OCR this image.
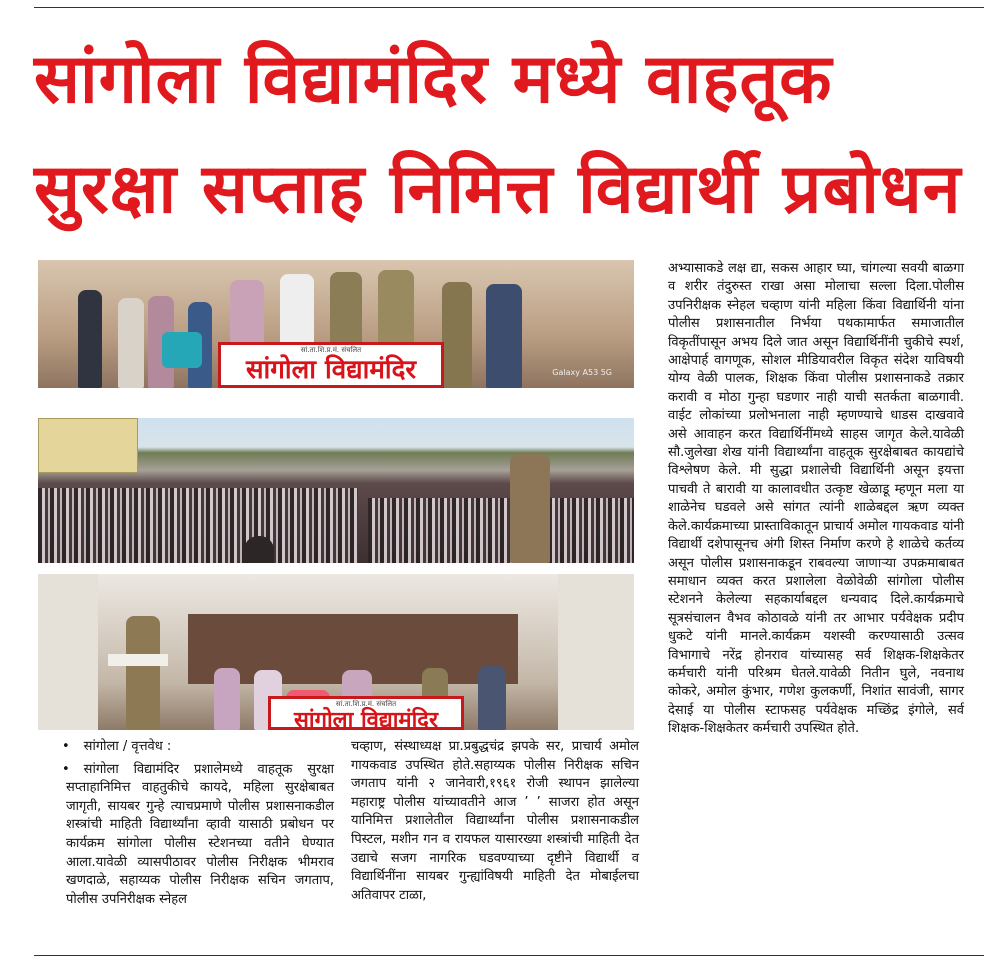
सांगोला विद्यामंदिर मध्ये वाहतूक
सुरक्षा सप्ताह निमित्त विद्यार्थी प्रबोधन
सां.ता.शि.प्र.मं. संचलित
सांगोला विद्यामंदिर	Galaxy A53 5G
सां.ता.शि.प्र.मं. संचलित
सांगोला विद्यामंदिर
• सांगोला / वृत्तवेध :
• सांगोला विद्यामंदिर प्रशालेमध्ये वाहतूक सुरक्षा सप्ताहानिमित्त वाहतुकीचे कायदे, महिला सुरक्षेबाबत जागृती, सायबर गुन्हे त्याचप्रमाणे पोलीस प्रशासनाकडील शस्त्रांची माहिती विद्यार्थ्यांना व्हावी यासाठी प्रबोधन पर कार्यक्रम सांगोला पोलीस स्टेशनच्या वतीने घेण्यात आला.यावेळी व्यासपीठावर पोलीस निरीक्षक भीमराव खणदाळे, सहाय्यक पोलीस निरीक्षक सचिन जगताप, पोलीस उपनिरीक्षक स्नेहल
चव्हाण, संस्थाध्यक्ष प्रा.प्रबुद्धचंद्र झपके सर, प्राचार्य अमोल गायकवाड उपस्थित होते.सहाय्यक पोलीस निरीक्षक सचिन जगताप यांनी २ जानेवारी,१९६१ रोजी स्थापन झालेल्या महाराष्ट्र पोलीस यांच्यावतीने आज ’ ’ साजरा होत असून यानिमित्त प्रशालेतील विद्यार्थ्यांना पोलीस प्रशासनाकडील पिस्टल, मशीन गन व रायफल यासारख्या शस्त्रांची माहिती देत उद्याचे सजग नागरिक घडवण्याच्या दृष्टीने विद्यार्थी व विद्यार्थिनींना सायबर गुन्ह्यांविषयी माहिती देत मोबाईलचा अतिवापर टाळा,
अभ्यासाकडे लक्ष द्या, सकस आहार घ्या, चांगल्या सवयी बाळगा व शरीर तंदुरुस्त राखा असा मोलाचा सल्ला दिला.पोलीस उपनिरीक्षक स्नेहल चव्हाण यांनी महिला किंवा विद्यार्थिनी यांना पोलीस प्रशासनातील निर्भया पथकामार्फत समाजातील विकृतींपासून अभय दिले जात असून विद्यार्थिनींनी चुकीचे स्पर्श, आक्षेपार्ह वागणूक, सोशल मीडियावरील विकृत संदेश याविषयी योग्य वेळी पालक, शिक्षक किंवा पोलीस प्रशासनाकडे तक्रार करावी व मोठा गुन्हा घडणार नाही याची सतर्कता बाळगावी. वाईट लोकांच्या प्रलोभनाला नाही म्हणण्याचे धाडस दाखवावे असे आवाहन करत विद्यार्थिनींमध्ये साहस जागृत केले.यावेळी सौ.जुलेखा शेख यांनी विद्यार्थ्यांना वाहतूक सुरक्षेबाबत कायद्यांचे विश्लेषण केले. मी सुद्धा प्रशालेची विद्यार्थिनी असून इयत्ता पाचवी ते बारावी या कालावधीत उत्कृष्ट खेळाडू म्हणून मला या शाळेनेच घडवले असे सांगत त्यांनी शाळेबद्दल ऋण व्यक्त केले.कार्यक्रमाच्या प्रास्ताविकातून प्राचार्य अमोल गायकवाड यांनी विद्यार्थी दशेपासूनच अंगी शिस्त निर्माण करणे हे शाळेचे कर्तव्य असून पोलीस प्रशासनाकडून राबवल्या जाणाऱ्या उपक्रमाबाबत समाधान व्यक्त करत प्रशालेला वेळोवेळी सांगोला पोलीस स्टेशनने केलेल्या सहकार्याबद्दल धन्यवाद दिले.कार्यक्रमाचे सूत्रसंचालन वैभव कोठावळे यांनी तर आभार पर्यवेक्षक प्रदीप धुकटे यांनी मानले.कार्यक्रम यशस्वी करण्यासाठी उत्सव विभागाचे नरेंद्र होनराव यांच्यासह सर्व शिक्षक-शिक्षकेतर कर्मचारी यांनी परिश्रम घेतले.यावेळी नितीन घुले, नवनाथ कोकरे, अमोल कुंभार, गणेश कुलकर्णी, निशांत सावंजी, सागर देसाई या पोलीस स्टाफसह पर्यवेक्षक मच्छिंद्र इंगोले, सर्व शिक्षक-शिक्षकेतर कर्मचारी उपस्थित होते.
